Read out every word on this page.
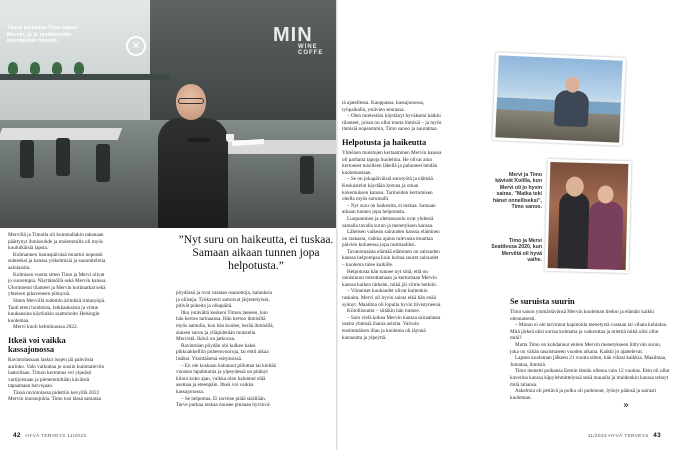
MIN
WINE COFFE
✕
Tässä paikassa Timo tapasi Mervin, ja jo myöhemmin muistajilian hänelle.

Mervillä ja Timolla oli kummallakin takanaan päättynyt ihmissuhde ja molemmilla oli myös kouluikäisiä lapsia.

Kolmannen luuraspäiväsä muuttui nopeasti suhteeksi ja kanssa yrikelmisiä ja suunnitelmia aalolaisiin.

Kolmisen vuotta sitten Timo ja Mervi olivat jo suurempia. Näyttämöllä sekä Mervin kanssa. Ulorinnetut tilanteet ja Mervin kotimatkat sekä yhteisen pihaveneen pihnystä.

Sitten Mervillä todettiin äriinkkä rintasyöpä. Tauti eteni hoidoista, leikkauksista ja viime kuukausina käytiinkin saattohoito Helsingin kuolemaa.

Mervi kuoli helmikuussa 2022.

Itkeä voi vaikka kassajonossa

Ravintolassaan laskut isojen jäi pahviisia aurinko. Valo vaikuttaa jo uusiin kummaleviin laatoiltaan. Timon kertomus vei ylpeästi vartijoistaan ja pienemmiltään käväistä tapaamaan harvojaan.

Tässä ravintolassa pidettiin kevyillä 2022 Mervin muistojuhla. Timo tosi tässä samassa

”Nyt suru on haikeutta, ei tuskaa. Samaan aikaan tunnen jopa helpotusta.”

pöydässä ja ovat vastaan osanottoja, halauksia ja oliiseja. Työkaverit auttoivat järjestelyissä, pitivät puheita ja olkapäitä.

Ilku ystävältä keskeni Timon lasseen, kun hän kertoo tarinaansa. Hän kertoo ihmisiltä myös aamulla, kun hän kuulee, herää ihmisillä, alaisen surun ja ylläpidetään muistella Mervistä. Ikävä on jatkuvaa.

Ravintolan pöydän ohi kulkee kaksi pikkuakkelliin puheenvuoroja, tai ehtii aikaa lisäksi. Yksittäisenä esityksissä.

– En ole koskaan halunnut piilottaa tai kieltää vuosien tapahtumia ja ylpeydessä on pitänyt kiinni koko ajan, vaikka olen halunnut elää asemaa ja eteenpäin. Itkeä voi vaikka kassajonossa.

– Se helpottaa. Ei tarvitse pitää sisällään. Tarve purkaa tuskaa nousee pinnaan hyvinvä-

42 HYVÄ TERVEYS 11/2023

tä ajatellessa. Kauppassa, kassajonossa, työpaikalla, ystävien seurassa.

– Olen mielestäni käyttänyt hyväkseni kaikki tilanteet, joissa on ollut mutta ihmisiä – ja myös ihmisiä nopeammin, Timo sanoo ja naurahtaa.

Helpotusta ja haikeutta

Yhteinen muistojen kertaaminen Mervin kanssa oli parhaita tapoja huolehtia. He olivat aina kertoneet toisilleen lähellä ja puhuneet heidän kuolemastaan.

– Se on jokapäiväistä surutyötä ja elämää. Keskustelut käydään kotona ja oman kokemuksen kanssa. Tarinoiden kertomisen ohella myös surumalli.

– Nyt suru on haikeutta, ei tuskaa. Samaan aikaan tunnen jopa helpotusta.

Luopuminen ja olemassaolo ovat yhdessä samalla tavalla surun ja menetyksen kanssa.

Läheisen vaikean sairauden kanssa eläminen on raskasta, vaikka ajatus tulevasta muuttaa päivien kulueessa jopa normaaliksi.

Tavanomaista elämää eläminen on sairauden kanssa helpompaa kuin hoitaa suuret sairaudet – kuolema tulee kaikille.

Helpotusta hän tunnee nyt siitä, että on onnistunut toteuttamaan ja kertomaan Mervin kanssa kaiken tärkeän, mikä jäi viime hetkiin.

– Viimeiset kuukaudet olivat kuitenkin raskaita. Mervi oli hyvin sairas eikä hän enää syönyt. Maailma oli lopulta hyvin tiivistyneenä.

Kiitollisuutta – siitäkin hän tunnee.

– Sain vielä kokea Mervin kanssa sairaalassa useita yhteisiä ihania asioita. Valvoin ensimmäisen illan ja kuolema oli täynnä kauneutta ja ylpeyttä.

Mervi ja Timo kävivät Kolilla, kun Mervi oli jo hyvin sairas. ”Matka teki hänet onnelliseksi”, Timo sanoo.
Timo ja Mervi Seattlessa 2020, kun Merviltä oli hyvä vaihe.
Se suruista suurin

Timo sanoo ymmärtävänsä Mervin kuoleman tiedon ja elämän kaikki olennaisesti.

– Minun ei ole tarvinnut kapinoida menetystä vastaan tai vihata kohtaloa. Mitä järkeä olisi surraa kolmatta ja vaikeuttaa ja miettiä mikä olisi ollut mitä?

Mutta Timo on kohdannut eniten Mervin menetykseen liittyvän surun, joka on vähän tasaistuneen vuoden aikana. Kaikki jo ajattelevat.

Lapsen kuoleman jälkeen 21 vuotta sitten, hän vihasi kaikkia. Maailmaa, Jumalaa, ihmisiä.

Timo menetti poikansa Eemin tämän ollessa vain 12 vuotias. Eetu oli ollut kaverina kanssa käpylehmittelyssä sekä muualla ja muidenkin kanssa tehnyt mitä tahansa.

Askelmia oli pettävä ja polku oli pudonnut, lyönyt päänsä ja sairasti kuoleman.

»
11/2023 HYVÄ TERVEYS 43
